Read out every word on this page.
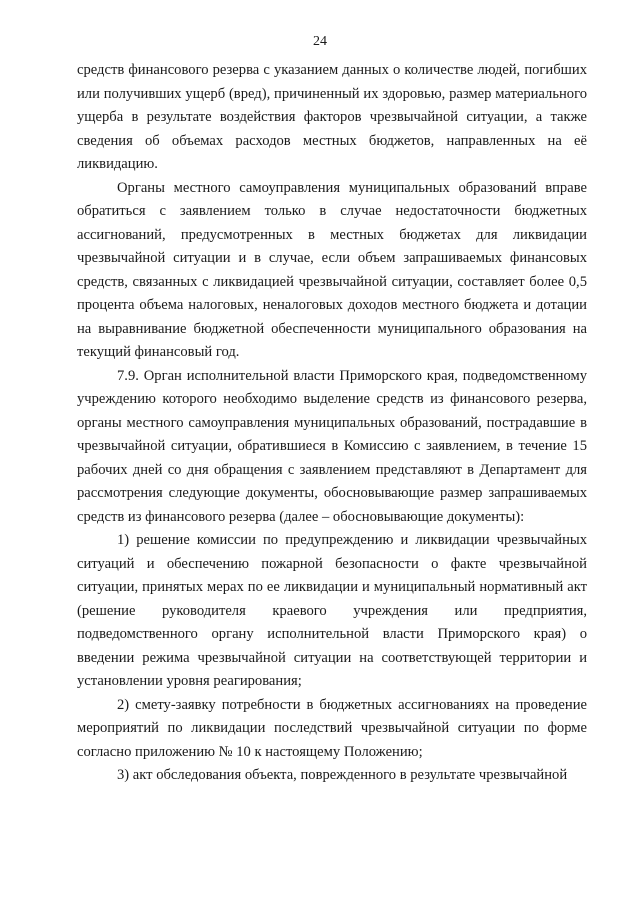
24

средств финансового резерва с указанием данных о количестве людей, погибших или получивших ущерб (вред), причиненный их здоровью, размер материального ущерба в результате воздействия факторов чрезвычайной ситуации, а также сведения об объемах расходов местных бюджетов, направленных на её ликвидацию.

Органы местного самоуправления муниципальных образований вправе обратиться с заявлением только в случае недостаточности бюджетных ассигнований, предусмотренных в местных бюджетах для ликвидации чрезвычайной ситуации и в случае, если объем запрашиваемых финансовых средств, связанных с ликвидацией чрезвычайной ситуации, составляет более 0,5 процента объема налоговых, неналоговых доходов местного бюджета и дотации на выравнивание бюджетной обеспеченности муниципального образования на текущий финансовый год.

7.9. Орган исполнительной власти Приморского края, подведомственному учреждению которого необходимо выделение средств из финансового резерва, органы местного самоуправления муниципальных образований, пострадавшие в чрезвычайной ситуации, обратившиеся в Комиссию с заявлением, в течение 15 рабочих дней со дня обращения с заявлением представляют в Департамент для рассмотрения следующие документы, обосновывающие размер запрашиваемых средств из финансового резерва (далее – обосновывающие документы):

1) решение комиссии по предупреждению и ликвидации чрезвычайных ситуаций и обеспечению пожарной безопасности о факте чрезвычайной ситуации, принятых мерах по ее ликвидации и муниципальный нормативный акт (решение руководителя краевого учреждения или предприятия, подведомственного органу исполнительной власти Приморского края) о введении режима чрезвычайной ситуации на соответствующей территории и установлении уровня реагирования;

2) смету-заявку потребности в бюджетных ассигнованиях на проведение мероприятий по ликвидации последствий чрезвычайной ситуации по форме согласно приложению № 10 к настоящему Положению;

3) акт обследования объекта, поврежденного в результате чрезвычайной
